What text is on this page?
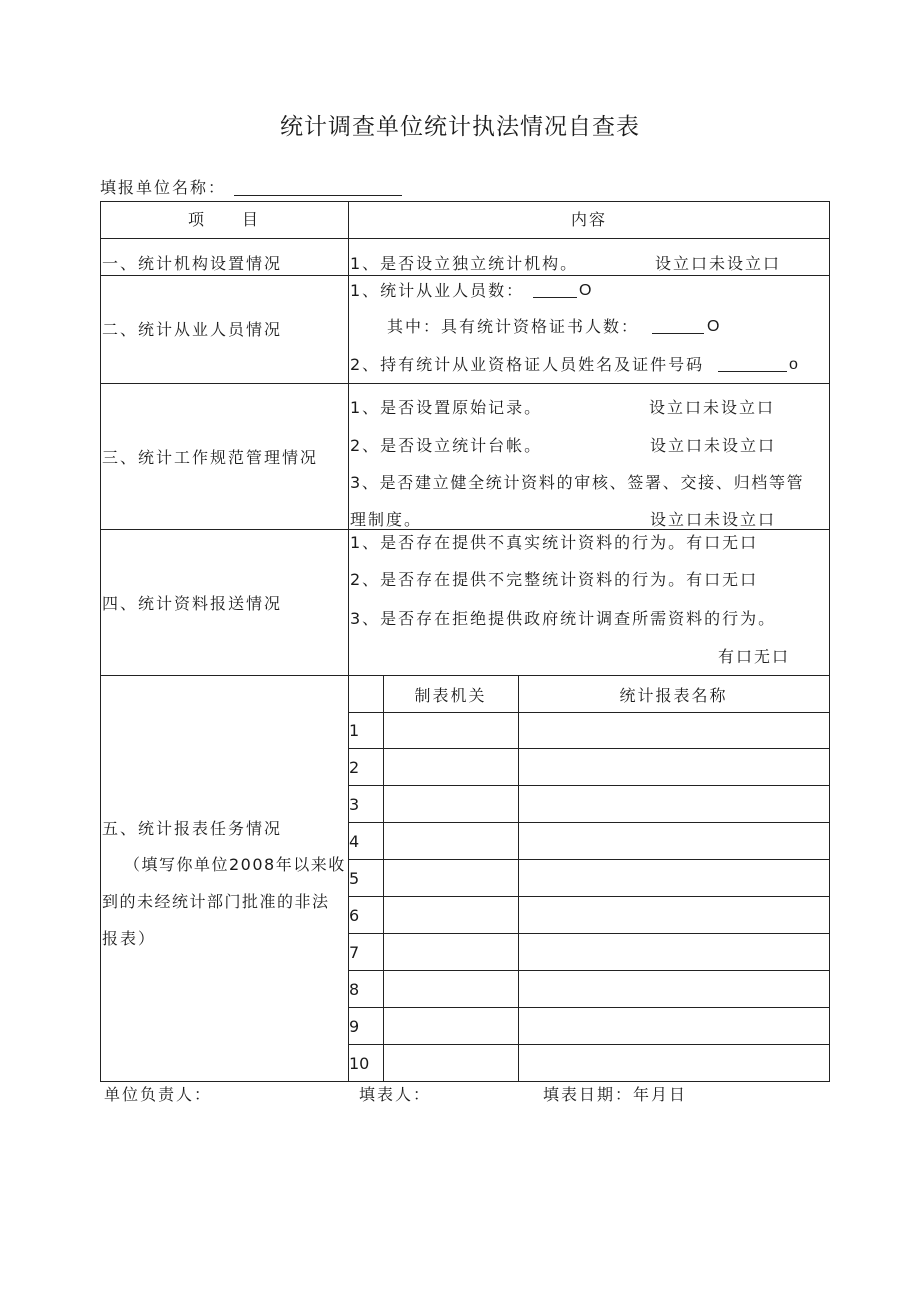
统计调查单位统计执法情况自查表
填报单位名称：
项　　目	内容
一、统计机构设置情况	1、是否设立独立统计机构。	设立口未设立口
二、统计从业人员情况
1、统计从业人员数：	O
其中：具有统计资格证书人数：	O
2、持有统计从业资格证人员姓名及证件号码	o
三、统计工作规范管理情况
1、是否设置原始记录。	设立口未设立口
2、是否设立统计台帐。	设立口未设立口
3、是否建立健全统计资料的审核、签署、交接、归档等管
理制度。	设立口未设立口
四、统计资料报送情况
1、是否存在提供不真实统计资料的行为。有口无口
2、是否存在提供不完整统计资料的行为。有口无口
3、是否存在拒绝提供政府统计调查所需资料的行为。
有口无口
五、统计报表任务情况
（填写你单位2008年以来收
到的未经统计部门批准的非法
报表）
制表机关	统计报表名称
1
2
3
4
5
6
7
8
9
10
单位负责人：	填表人：	填表日期：年月日
